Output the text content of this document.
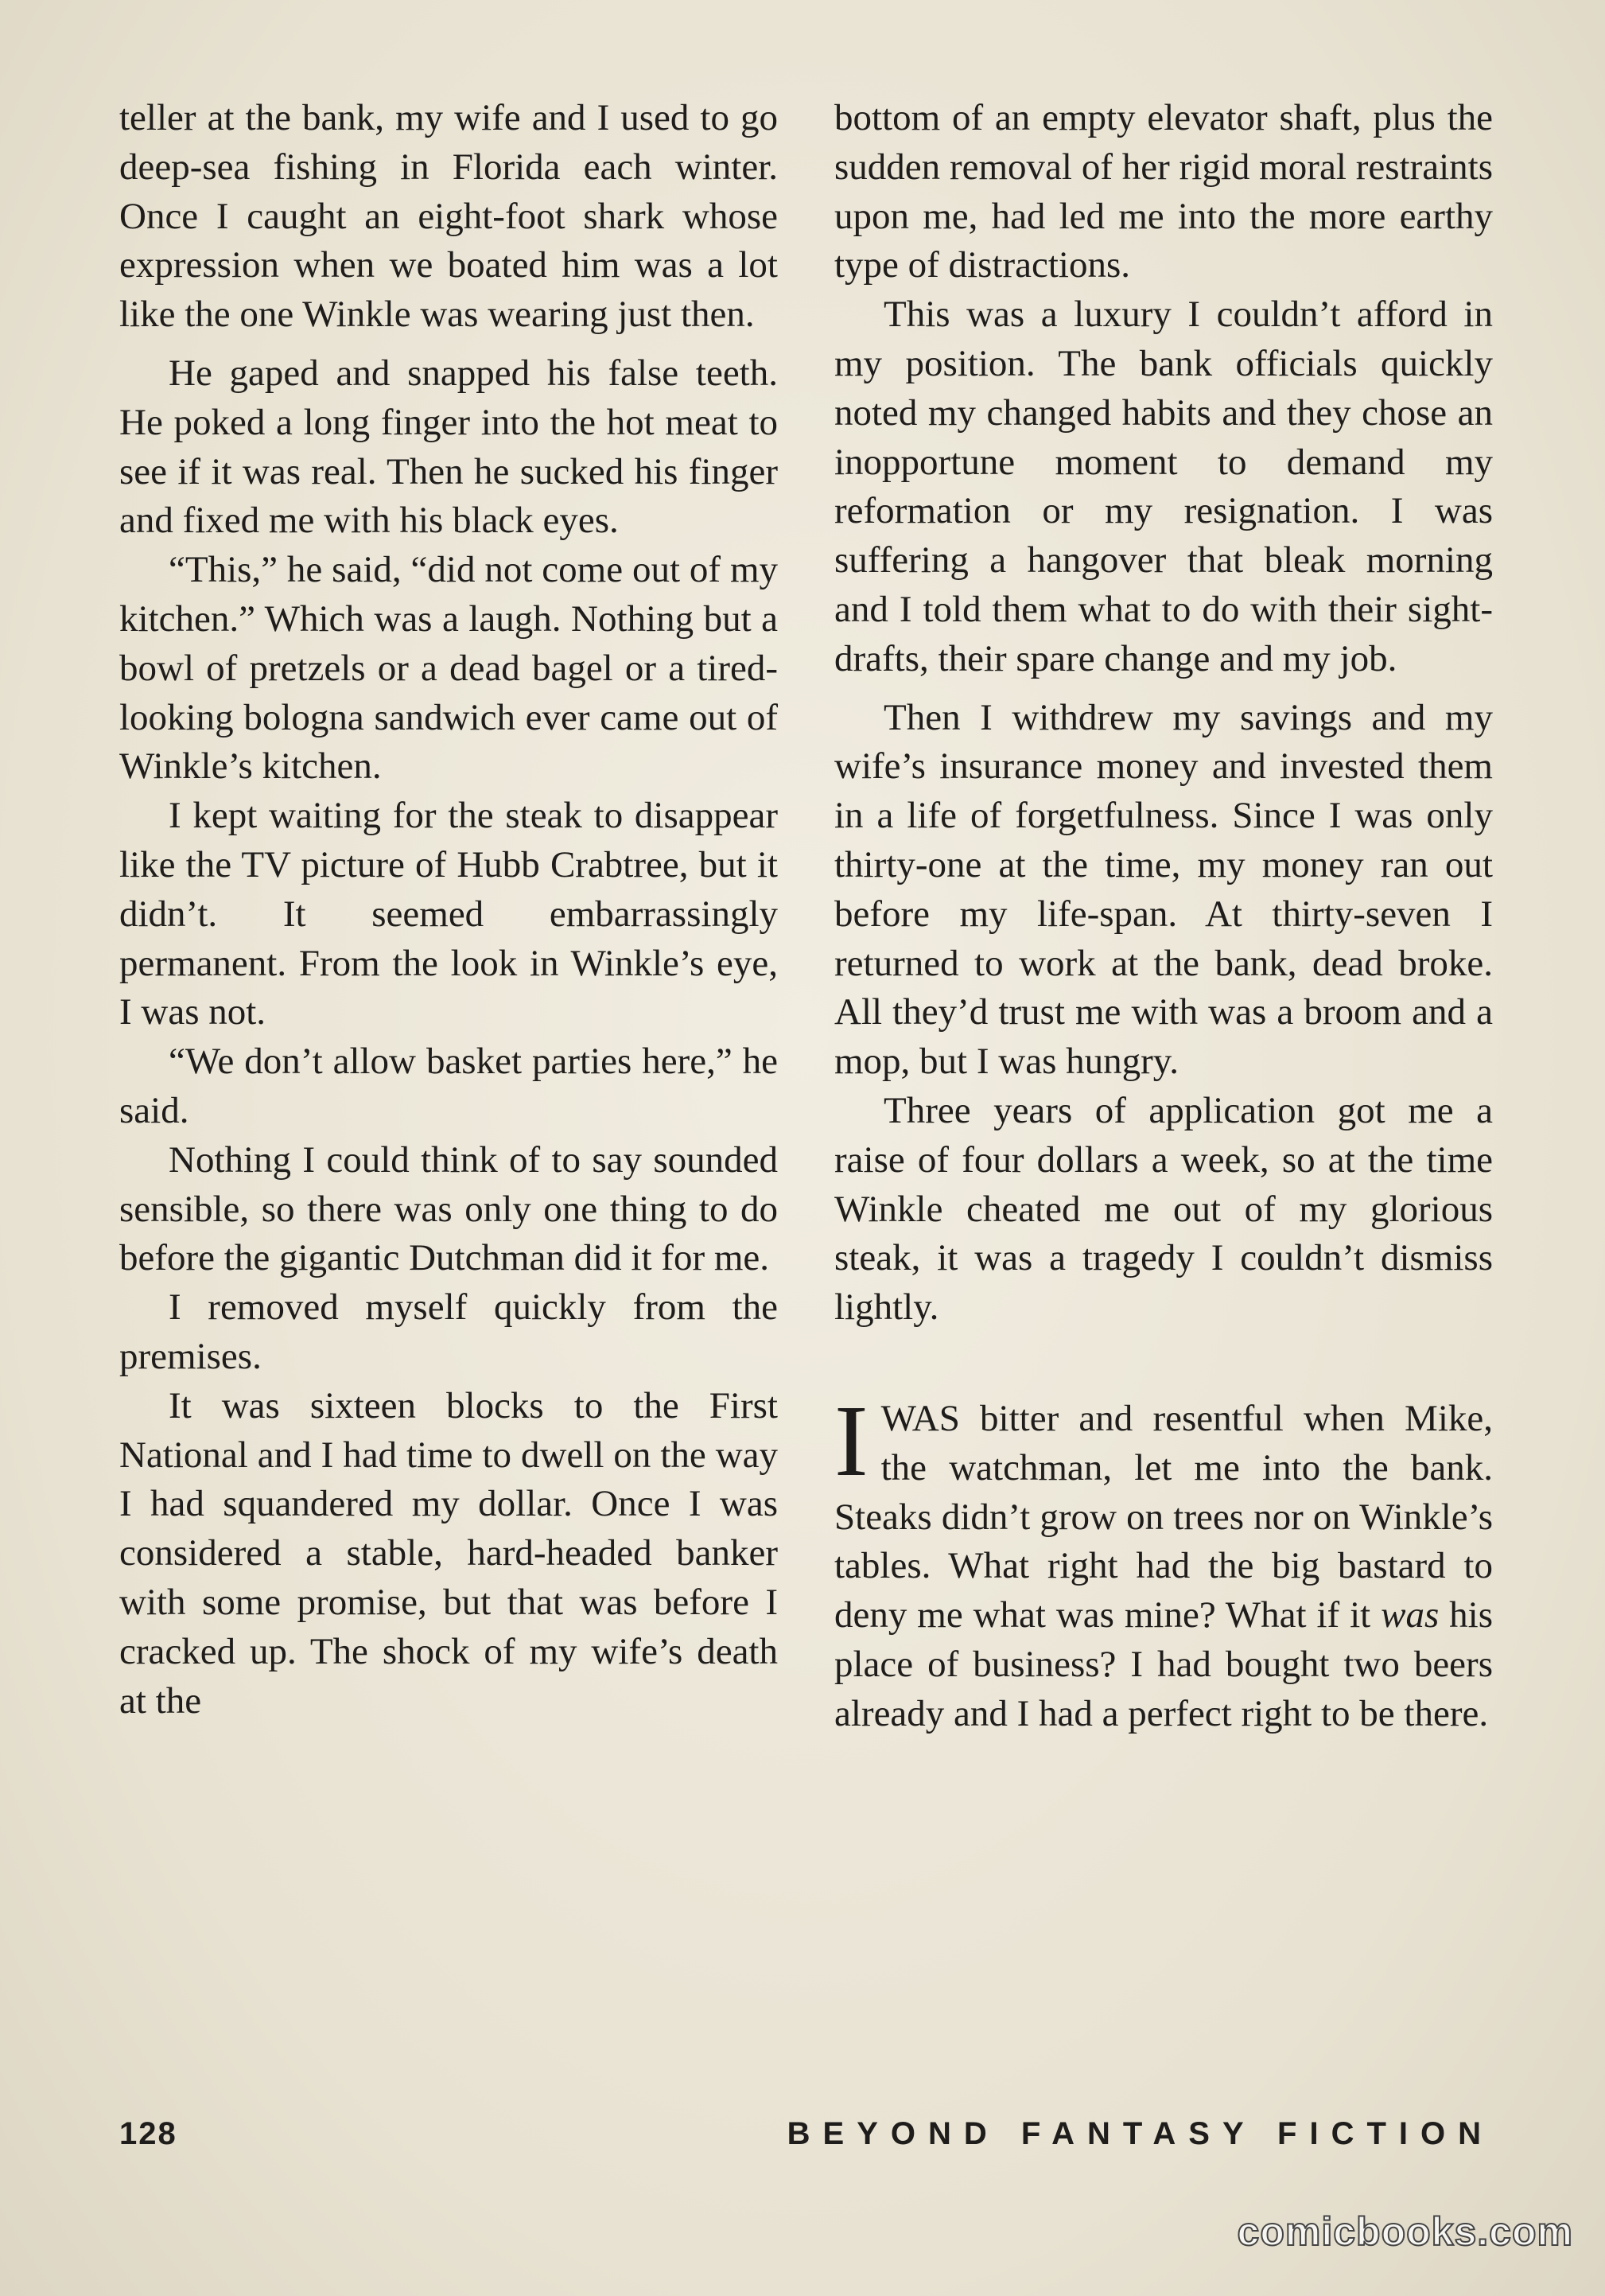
teller at the bank, my wife and I used to go deep-sea fishing in Florida each winter. Once I caught an eight-foot shark whose expression when we boated him was a lot like the one Winkle was wearing just then.

He gaped and snapped his false teeth. He poked a long finger into the hot meat to see if it was real. Then he sucked his finger and fixed me with his black eyes.

“This,” he said, “did not come out of my kitchen.” Which was a laugh. Nothing but a bowl of pretzels or a dead bagel or a tired-looking bologna sandwich ever came out of Winkle’s kitchen.

I kept waiting for the steak to disappear like the TV picture of Hubb Crabtree, but it didn’t. It seemed embarrassingly permanent. From the look in Winkle’s eye, I was not.

“We don’t allow basket parties here,” he said.

Nothing I could think of to say sounded sensible, so there was only one thing to do before the gigantic Dutchman did it for me.

I removed myself quickly from the premises.

It was sixteen blocks to the First National and I had time to dwell on the way I had squandered my dollar. Once I was considered a stable, hard-headed banker with some promise, but that was before I cracked up. The shock of my wife’s death at the

bottom of an empty elevator shaft, plus the sudden removal of her rigid moral restraints upon me, had led me into the more earthy type of distractions.

This was a luxury I couldn’t afford in my position. The bank officials quickly noted my changed habits and they chose an inopportune moment to demand my reformation or my resignation. I was suffering a hangover that bleak morning and I told them what to do with their sight-drafts, their spare change and my job.

Then I withdrew my savings and my wife’s insurance money and invested them in a life of forgetfulness. Since I was only thirty-one at the time, my money ran out before my life-span. At thirty-seven I returned to work at the bank, dead broke. All they’d trust me with was a broom and a mop, but I was hungry.

Three years of application got me a raise of four dollars a week, so at the time Winkle cheated me out of my glorious steak, it was a tragedy I couldn’t dismiss lightly.

IWAS bitter and resentful when Mike, the watchman, let me into the bank. Steaks didn’t grow on trees nor on Winkle’s tables. What right had the big bastard to deny me what was mine? What if it was his place of business? I had bought two beers already and I had a perfect right to be there.

128	BEYOND FANTASY FICTION
comicbooks.com
